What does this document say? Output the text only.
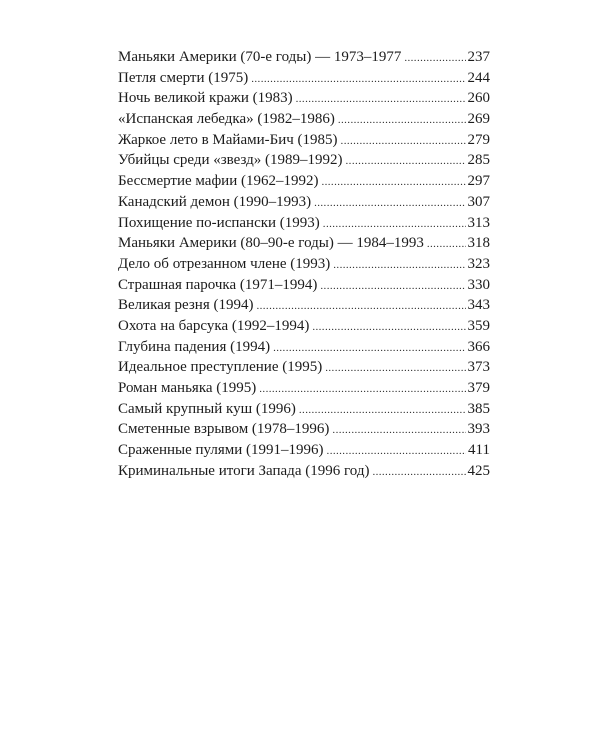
Маньяки Америки (70-е годы) — 1973–1977 .....	237
Петля смерти (1975) .....	244
Ночь великой кражи (1983) .....	260
«Испанская лебедка» (1982–1986) .....	269
Жаркое лето в Майами-Бич (1985) .....	279
Убийцы среди «звезд» (1989–1992) .....	285
Бессмертие мафии (1962–1992) .....	297
Канадский демон (1990–1993) .....	307
Похищение по-испански (1993) .....	313
Маньяки Америки (80–90-е годы) — 1984–1993 .....	318
Дело об отрезанном члене (1993) .....	323
Страшная парочка (1971–1994) .....	330
Великая резня (1994) .....	343
Охота на барсука (1992–1994) .....	359
Глубина падения (1994) .....	366
Идеальное преступление (1995) .....	373
Роман маньяка (1995) .....	379
Самый крупный куш (1996) .....	385
Сметенные взрывом (1978–1996) .....	393
Сраженные пулями (1991–1996) .....	411
Криминальные итоги Запада (1996 год) .....	425
